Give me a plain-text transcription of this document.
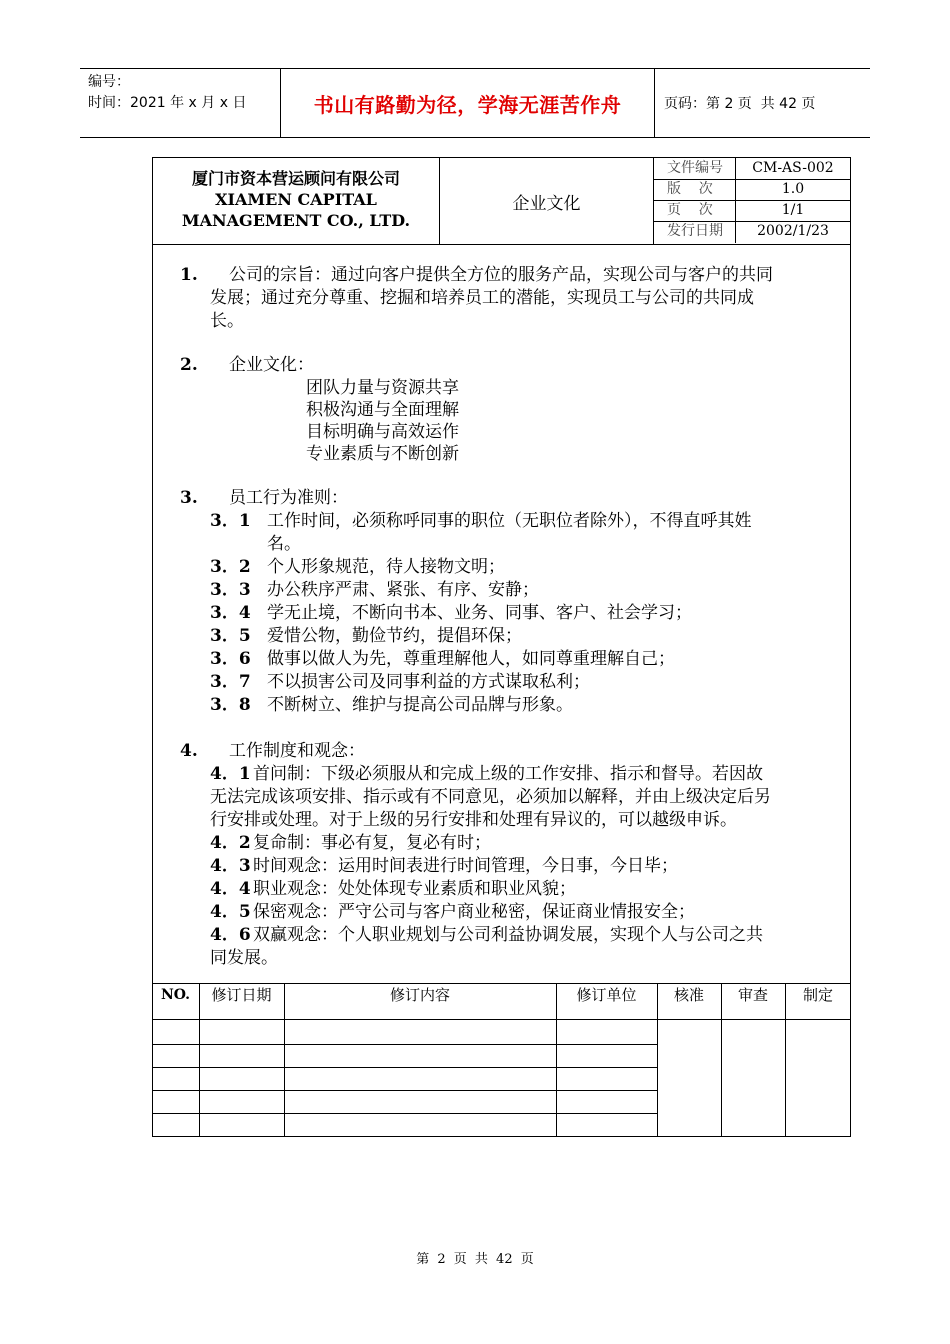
编号：
时间：2021 年 x 月 x 日	书山有路勤为径，学海无涯苦作舟	页码：第 2 页  共 42 页
厦门市资本营运顾问有限公司
XIAMEN CAPITAL
MANAGEMENT CO., LTD.
企业文化
文件编号	CM-AS-002
版    次	1.0
页    次	1/1
发行日期	2002/1/23
1. 公司的宗旨：通过向客户提供全方位的服务产品，实现公司与客户的共同
发展；通过充分尊重、挖掘和培养员工的潜能，实现员工与公司的共同成
长。
2. 企业文化：
团队力量与资源共享
积极沟通与全面理解
目标明确与高效运作
专业素质与不断创新
3. 员工行为准则：
3．1 工作时间，必须称呼同事的职位（无职位者除外），不得直呼其姓
名。
3．2 个人形象规范，待人接物文明；
3．3 办公秩序严肃、紧张、有序、安静；
3．4 学无止境，不断向书本、业务、同事、客户、社会学习；
3．5 爱惜公物，勤俭节约，提倡环保；
3．6 做事以做人为先，尊重理解他人，如同尊重理解自己；
3．7 不以损害公司及同事利益的方式谋取私利；
3．8 不断树立、维护与提高公司品牌与形象。
4. 工作制度和观念：
4．1 首问制：下级必须服从和完成上级的工作安排、指示和督导。若因故
无法完成该项安排、指示或有不同意见，必须加以解释，并由上级决定后另
行安排或处理。对于上级的另行安排和处理有异议的，可以越级申诉。
4．2 复命制：事必有复，复必有时；
4．3 时间观念：运用时间表进行时间管理，今日事，今日毕；
4．4 职业观念：处处体现专业素质和职业风貌；
4．5 保密观念：严守公司与客户商业秘密，保证商业情报安全；
4．6 双赢观念：个人职业规划与公司利益协调发展，实现个人与公司之共
同发展。
NO.	修订日期	修订内容	修订单位	核准	审查	制定
第 2 页 共 42 页
